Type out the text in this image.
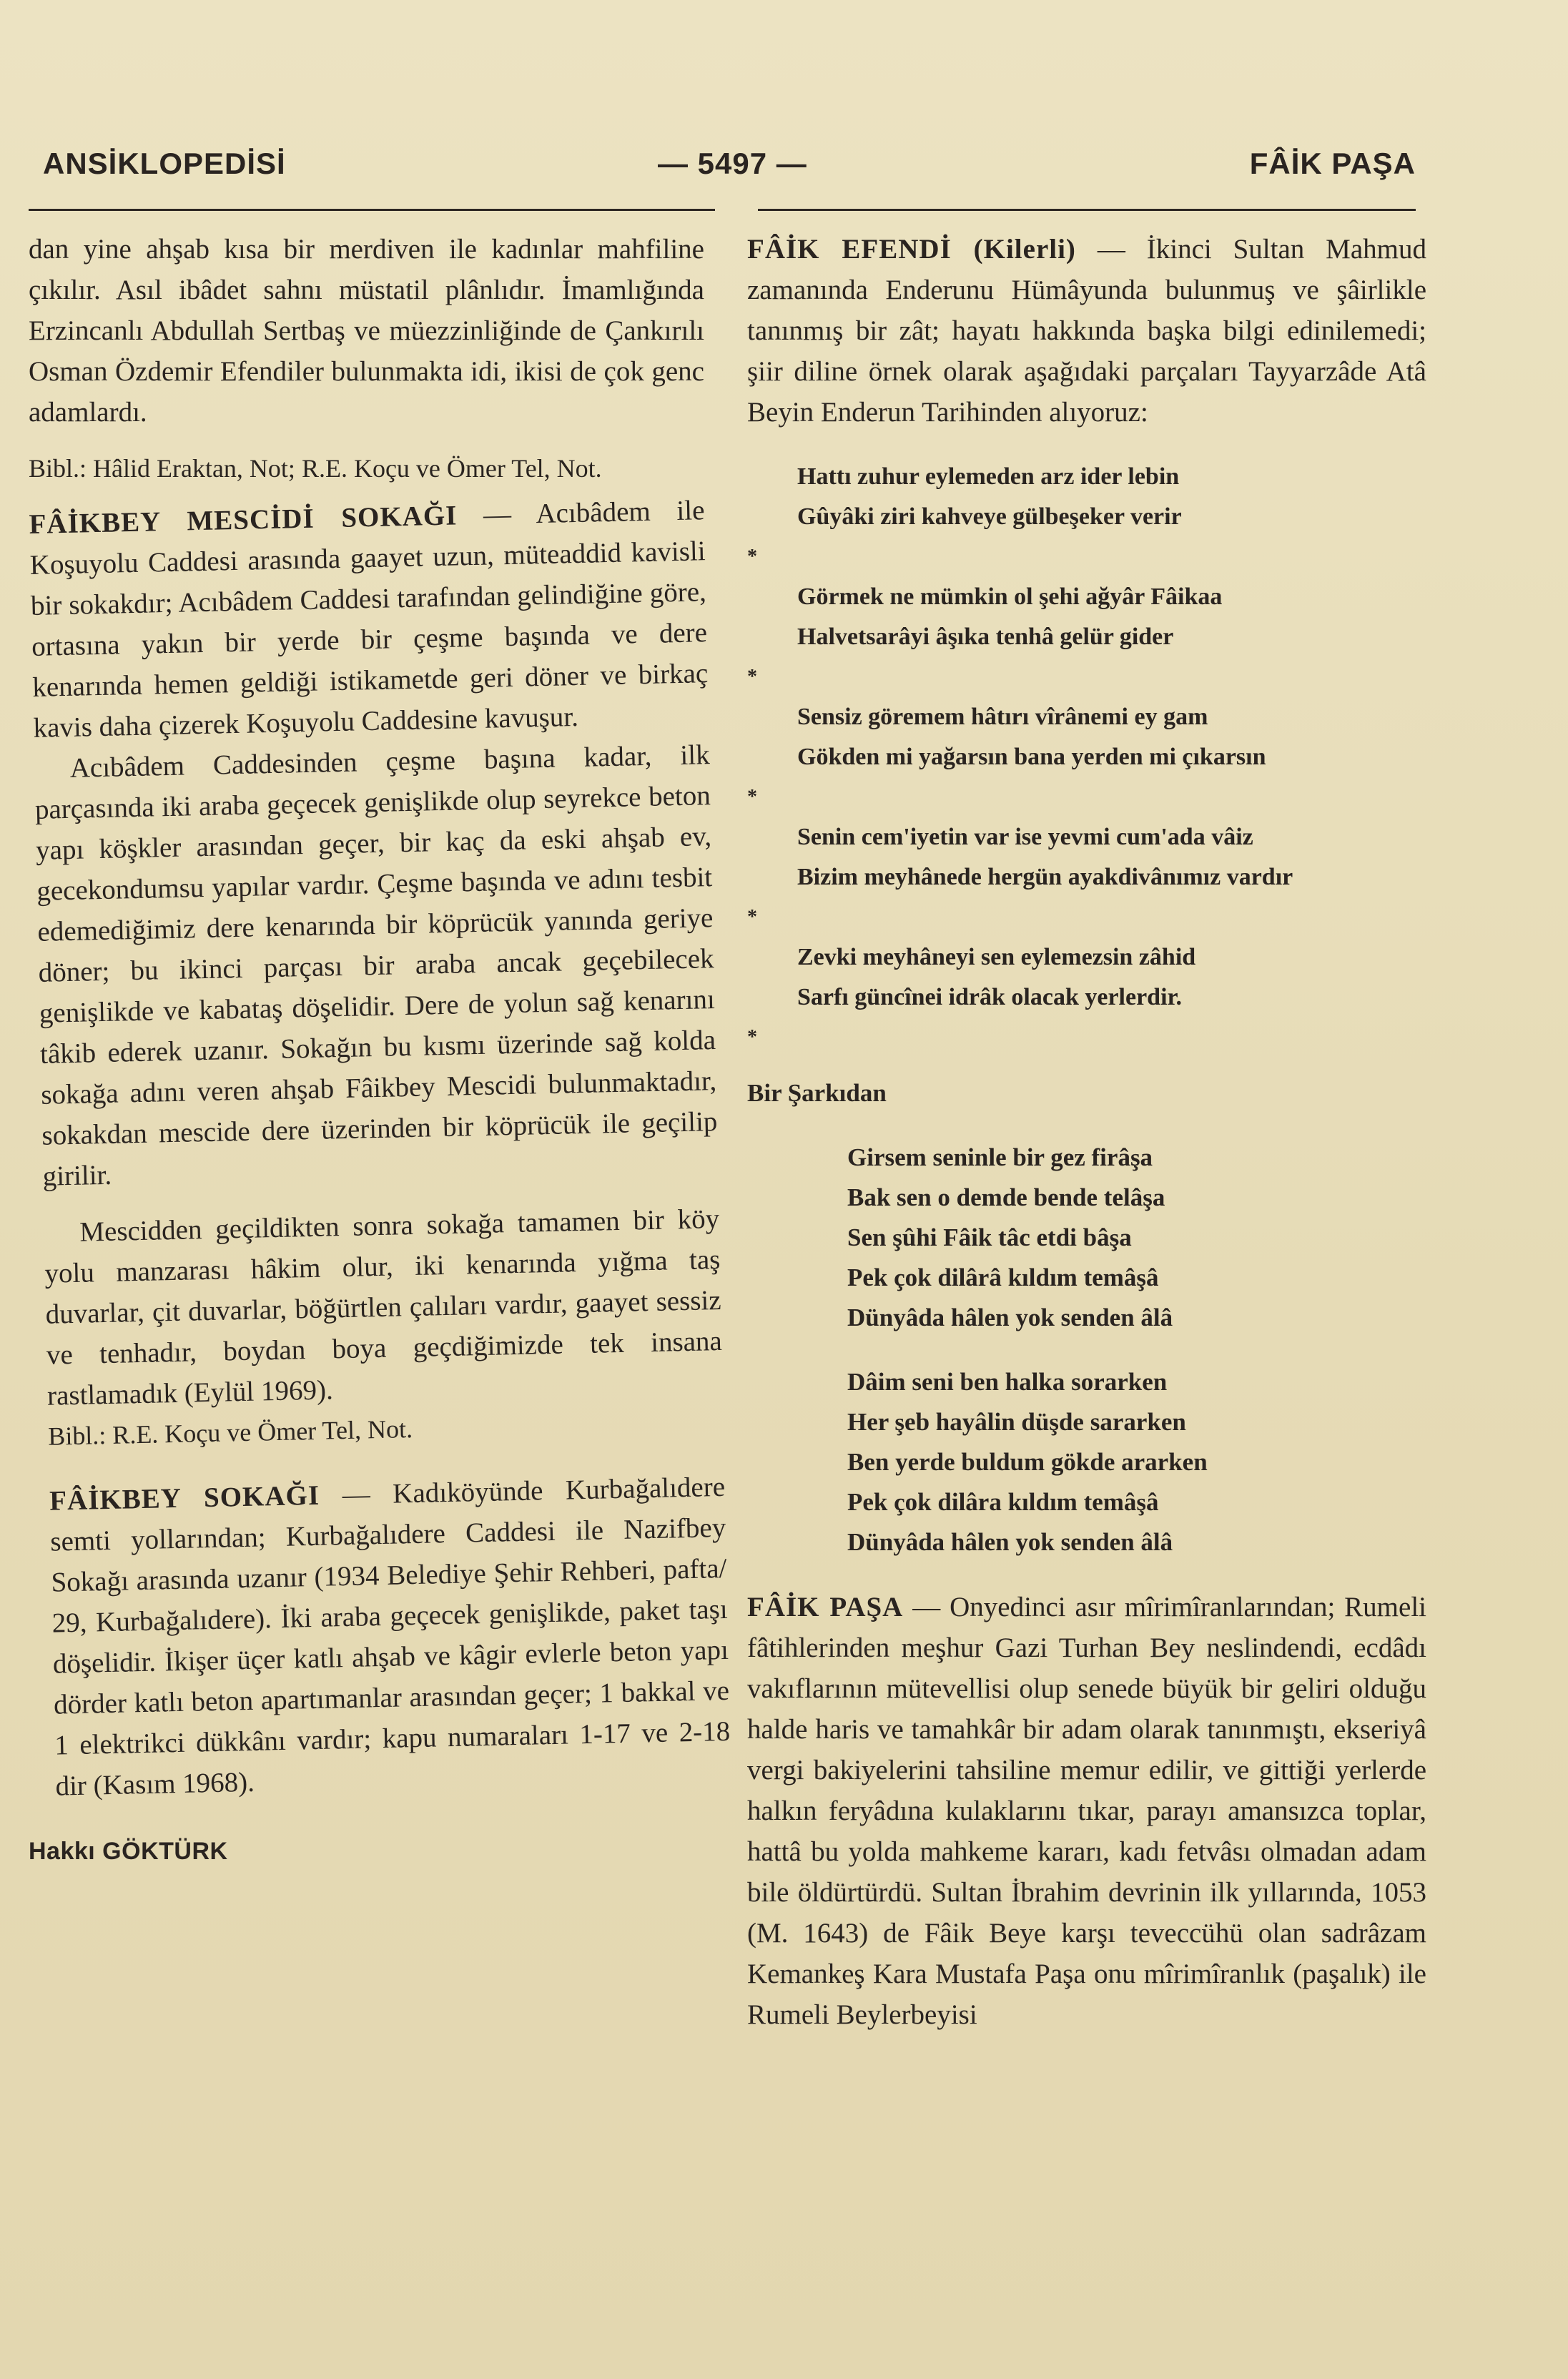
ANSİKLOPEDİSİ	— 5497 —	FÂİK PAŞA

dan yine ahşab kısa bir merdiven ile kadınlar mahfiline çıkılır. Asıl ibâdet sahnı müstatil plânlıdır. İmamlığında Erzincanlı Abdullah Sertbaş ve müezzinliğinde de Çankırılı Osman Özdemir Efendiler bulunmakta idi, ikisi de çok genc adamlardı.

Bibl.: Hâlid Eraktan, Not; R.E. Koçu ve Ömer Tel, Not.

FÂİKBEY MESCİDİ SOKAĞI — Acıbâdem ile Koşuyolu Caddesi arasında gaayet uzun, müteaddid kavisli bir sokakdır; Acıbâdem Caddesi tarafından gelindiğine göre, ortasına yakın bir yerde bir çeşme başında ve dere kenarında hemen geldiği istikametde geri döner ve birkaç kavis daha çizerek Koşuyolu Caddesine kavuşur.

Acıbâdem Caddesinden çeşme başına kadar, ilk parçasında iki araba geçecek genişlikde olup seyrekce beton yapı köşkler arasından geçer, bir kaç da eski ahşab ev, gecekondumsu yapılar vardır. Çeşme başında ve adını tesbit edemediğimiz dere kenarında bir köprücük yanında geriye döner; bu ikinci parçası bir araba ancak geçebilecek genişlikde ve kabataş döşelidir. Dere de yolun sağ kenarını tâkib ederek uzanır. Sokağın bu kısmı üzerinde sağ kolda sokağa adını veren ahşab Fâikbey Mescidi bulunmaktadır, sokakdan mescide dere üzerinden bir köprücük ile geçilip girilir.

Mescidden geçildikten sonra sokağa tamamen bir köy yolu manzarası hâkim olur, iki kenarında yığma taş duvarlar, çit duvarlar, böğürtlen çalıları vardır, gaayet sessiz ve tenhadır, boydan boya geçdiğimizde tek insana rastlamadık (Eylül 1969).

Bibl.: R.E. Koçu ve Ömer Tel, Not.

FÂİKBEY SOKAĞI — Kadıköyünde Kurbağalıdere semti yollarından; Kurbağalıdere Caddesi ile Nazifbey Sokağı arasında uzanır (1934 Belediye Şehir Rehberi, pafta/ 29, Kurbağalıdere). İki araba geçecek genişlikde, paket taşı döşelidir. İkişer üçer katlı ahşab ve kâgir evlerle beton yapı dörder katlı beton apartımanlar arasından geçer; 1 bakkal ve 1 elektrikci dükkânı vardır; kapu numaraları 1-17 ve 2-18 dir (Kasım 1968).

Hakkı GÖKTÜRK

FÂİK EFENDİ (Kilerli) — İkinci Sultan Mahmud zamanında Enderunu Hümâyunda bulunmuş ve şâirlikle tanınmış bir zât; hayatı hakkında başka bilgi edinilemedi; şiir diline örnek olarak aşağıdaki parçaları Tayyarzâde Atâ Beyin Enderun Tarihinden alıyoruz:

Hattı zuhur eylemeden arz ider lebin

Gûyâki ziri kahveye gülbeşeker verir

*

Görmek ne mümkin ol şehi ağyâr Fâikaa

Halvetsarâyi âşıka tenhâ gelür gider

*

Sensiz göremem hâtırı vîrânemi ey gam

Gökden mi yağarsın bana yerden mi çıkarsın

*

Senin cem'iyetin var ise yevmi cum'ada vâiz

Bizim meyhânede hergün ayakdivânımız vardır

*

Zevki meyhâneyi sen eylemezsin zâhid

Sarfı güncînei idrâk olacak yerlerdir.

*

Bir Şarkıdan

Girsem seninle bir gez firâşa

Bak sen o demde bende telâşa

Sen şûhi Fâik tâc etdi bâşa

Pek çok dilârâ kıldım temâşâ

Dünyâda hâlen yok senden âlâ

Dâim seni ben halka sorarken

Her şeb hayâlin düşde sararken

Ben yerde buldum gökde ararken

Pek çok dilâra kıldım temâşâ

Dünyâda hâlen yok senden âlâ

FÂİK PAŞA — Onyedinci asır mîrimîranlarından; Rumeli fâtihlerinden meşhur Gazi Turhan Bey neslindendi, ecdâdı vakıflarının mütevellisi olup senede büyük bir geliri olduğu halde haris ve tamahkâr bir adam olarak tanınmıştı, ekseriyâ vergi bakiyelerini tahsiline memur edilir, ve gittiği yerlerde halkın feryâdına kulaklarını tıkar, parayı amansızca toplar, hattâ bu yolda mahkeme kararı, kadı fetvâsı olmadan adam bile öldürtürdü. Sultan İbrahim devrinin ilk yıllarında, 1053 (M. 1643) de Fâik Beye karşı teveccühü olan sadrâzam Kemankeş Kara Mustafa Paşa onu mîrimîranlık (paşalık) ile Rumeli Beylerbeyisi
